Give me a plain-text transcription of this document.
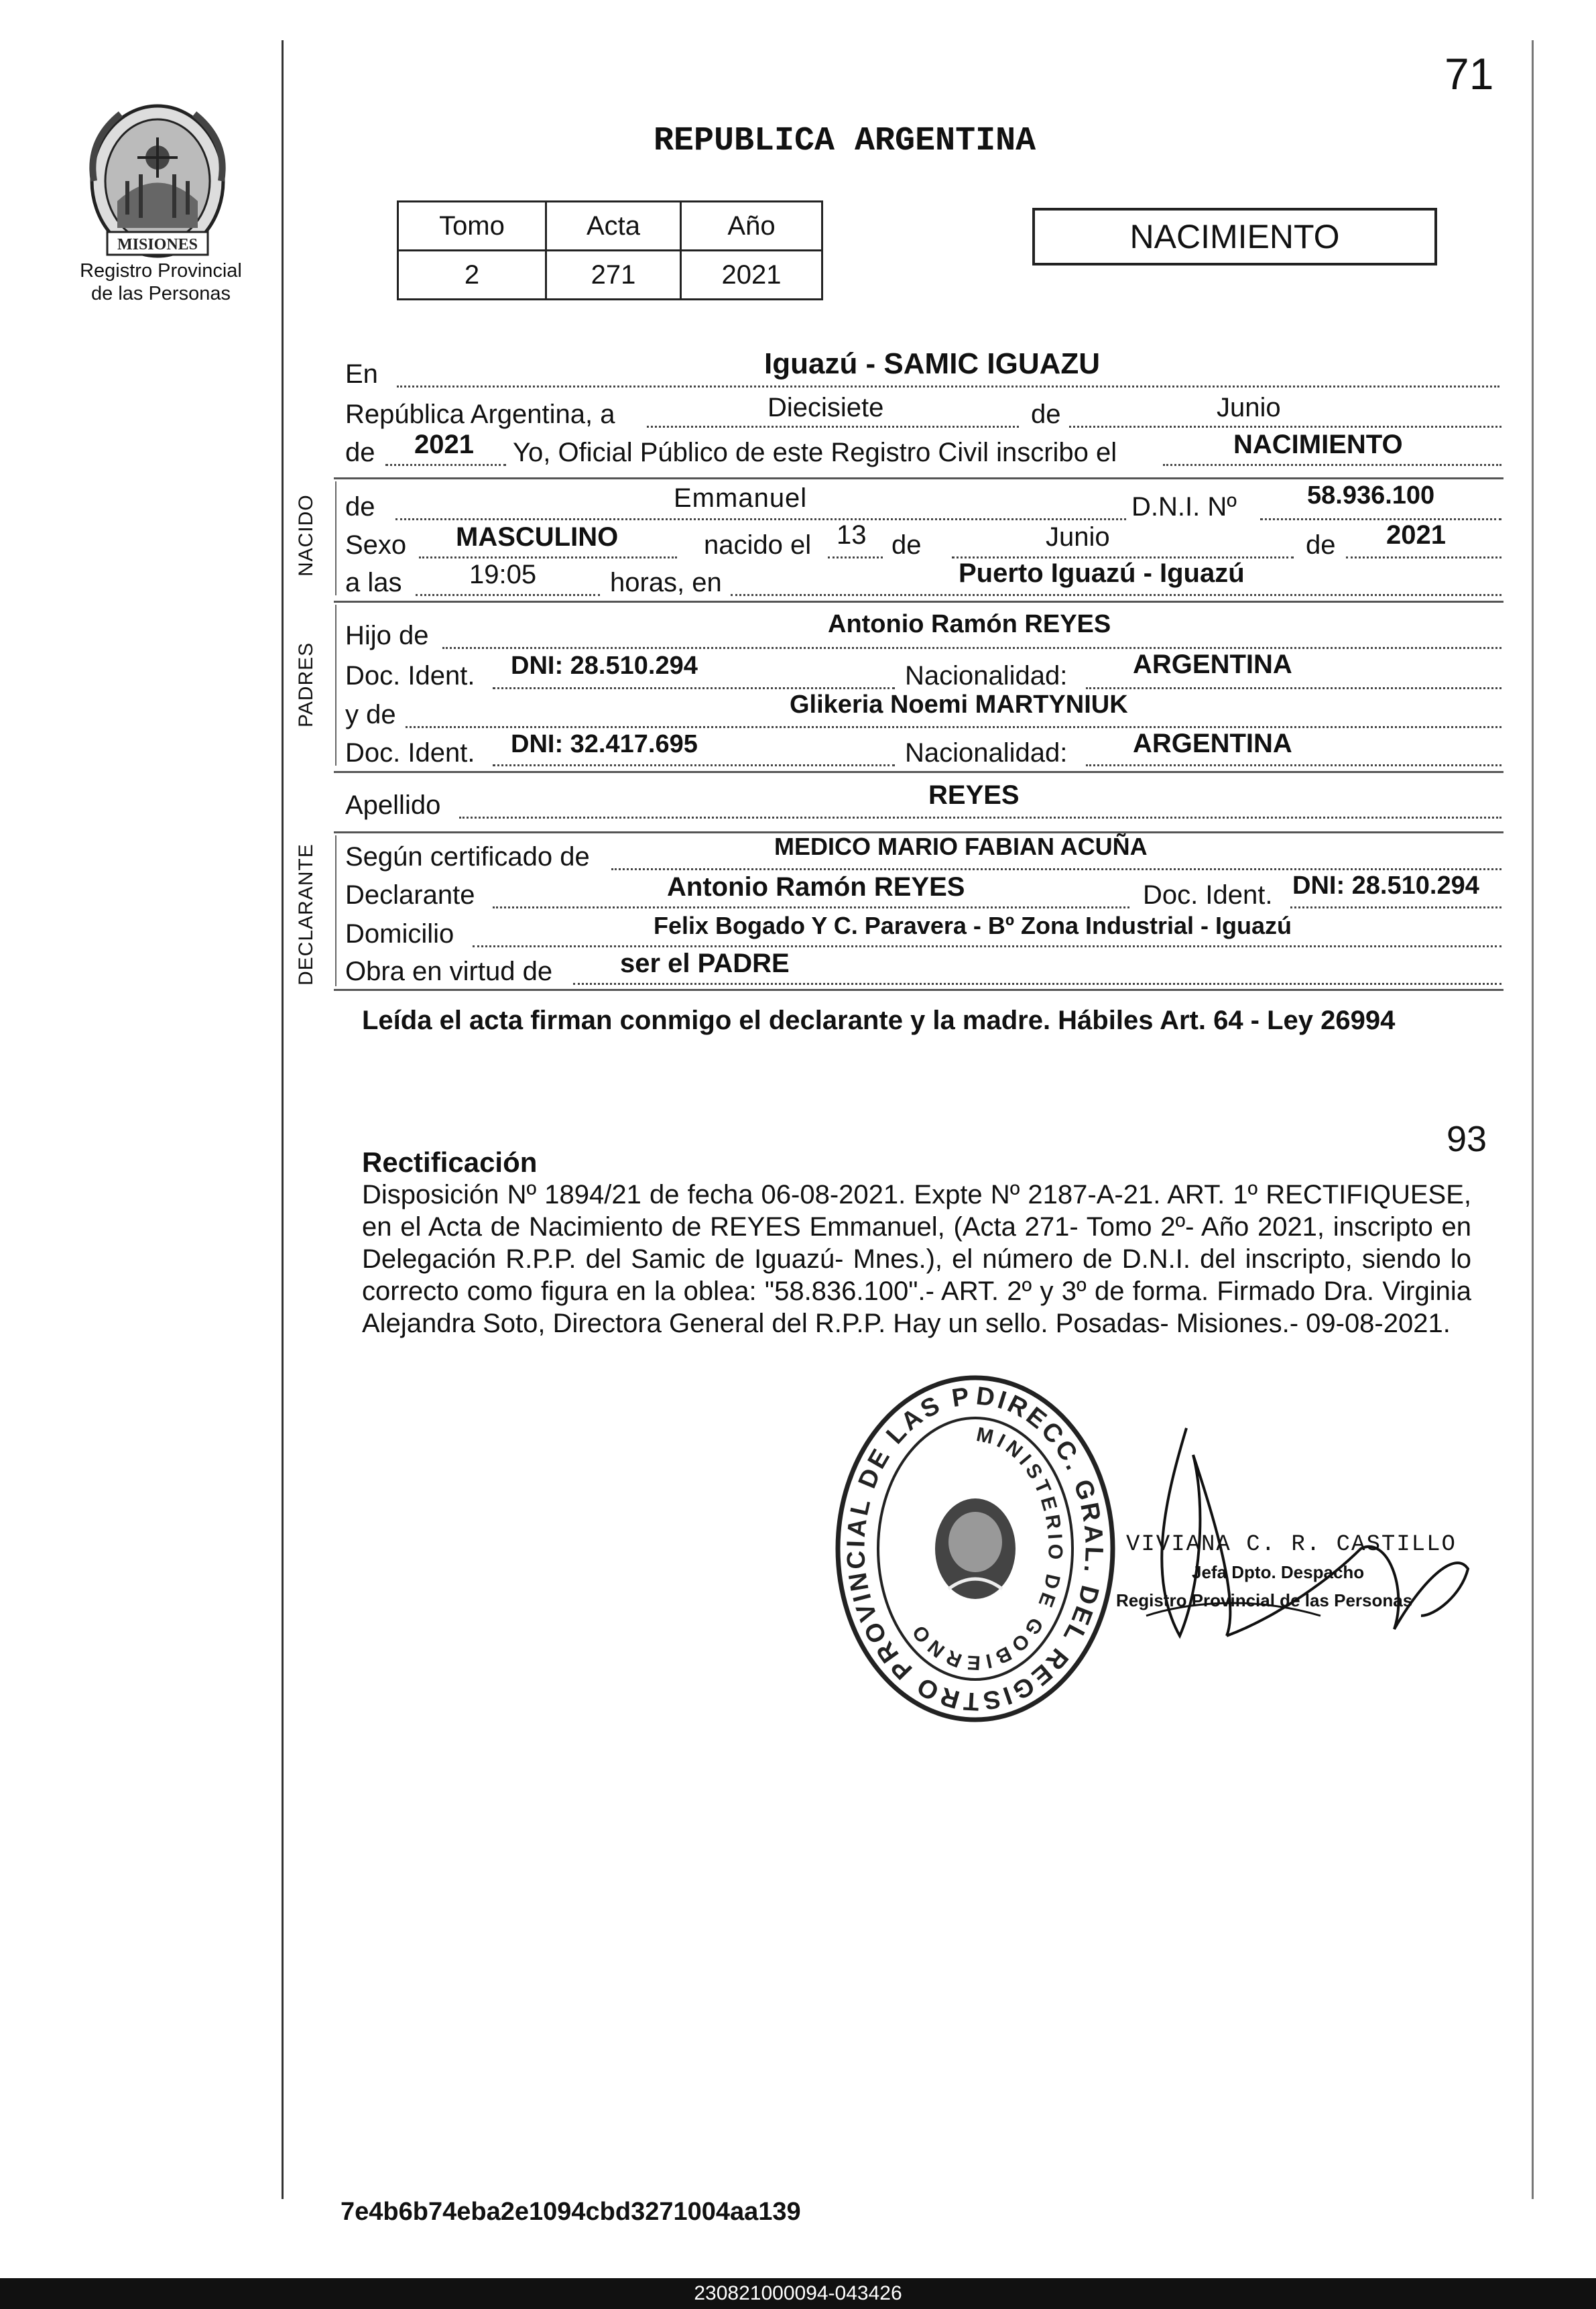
71
MISIONES
Registro Provincial
de las Personas
REPUBLICA ARGENTINA
Tomo	Acta	Año
2	271	2021
NACIMIENTO
En	Iguazú - SAMIC IGUAZU
República Argentina, a	Diecisiete	de	Junio
de 2021 Yo, Oficial Público de este Registro Civil inscribo el	NACIMIENTO
NACIDO de	Emmanuel	D.N.I. Nº	58.936.100
Sexo MASCULINO	nacido el 13 de	Junio	de 2021
a las	19:05	horas, en	Puerto Iguazú - Iguazú
PADRES
Hijo de	Antonio Ramón REYES
Doc. Ident. DNI: 28.510.294	Nacionalidad: ARGENTINA
y de	Glikeria Noemi MARTYNIUK
Doc. Ident. DNI: 32.417.695	Nacionalidad: ARGENTINA
Apellido	REYES
DECLARANTE Según certificado de	MEDICO MARIO FABIAN ACUÑA
Declarante	Antonio Ramón REYES	Doc. Ident. DNI: 28.510.294
Domicilio	Felix Bogado Y C. Paravera - Bº Zona Industrial - Iguazú
Obra en virtud de	ser el PADRE
Leída el acta firman conmigo el declarante y la madre. Hábiles Art. 64 - Ley 26994
93
Rectificación
Disposición Nº 1894/21 de fecha 06-08-2021. Expte Nº 2187-A-21. ART. 1º RECTIFIQUESE, en el Acta de Nacimiento de REYES Emmanuel, (Acta 271- Tomo 2º- Año 2021, inscripto en Delegación R.P.P. del Samic de Iguazú- Mnes.), el número de D.N.I. del inscripto, siendo lo correcto como figura en la oblea: "58.836.100".- ART. 2º y 3º de forma. Firmado Dra. Virginia Alejandra Soto, Directora General del R.P.P. Hay un sello. Posadas- Misiones.- 09-08-2021.
DIRECC. GRAL. DEL REGISTRO PROVINCIAL DE LAS P
MINISTERIO DE GOBIERNO
VIVIANA C. R. CASTILLO
Jefa Dpto. Despacho
Registro Provincial de las Personas
7e4b6b74eba2e1094cbd3271004aa139
230821000094-043426
